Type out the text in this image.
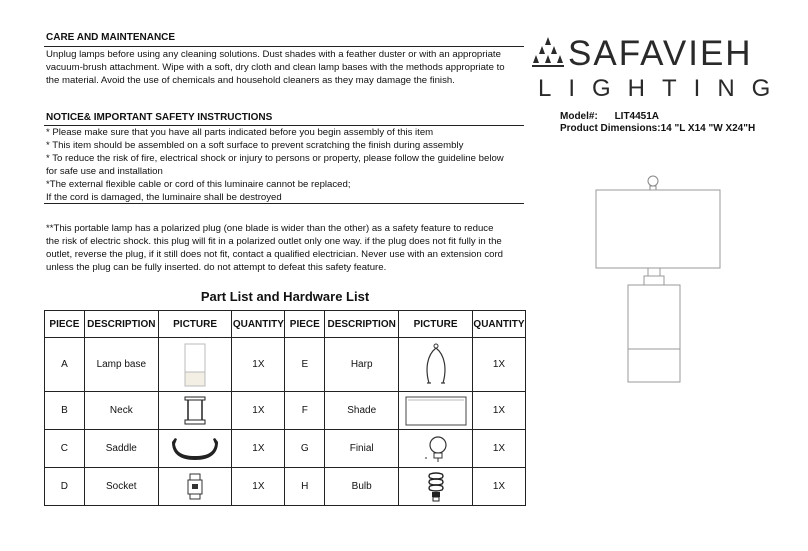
CARE AND MAINTENANCE

Unplug lamps before using any cleaning solutions. Dust shades with a feather duster or with an appropriate

vacuum-brush attachment. Wipe with a soft, dry cloth and clean lamp bases with the methods appropriate to

the material. Avoid the use of chemicals and household cleaners as they may damage the finish.

NOTICE& IMPORTANT SAFETY INSTRUCTIONS

* Please make sure that you have all parts indicated before you begin assembly of this item

* This item should be assembled on a soft surface to prevent scratching the finish during assembly

* To reduce the risk of fire, electrical shock or injury to persons or property, please follow the guideline below

for safe use and installation

*The external flexible cable or cord of this luminaire cannot be replaced;

If the cord is damaged, the luminaire shall be destroyed

**This portable lamp has a polarized plug (one blade is wider than the other) as a safety feature to reduce

the risk of electric shock. this plug will fit in a polarized outlet only one way. if the plug does not fit fully in the

outlet, reverse the plug, if it still does not fit, contact a qualified electrician. Never use with an extension cord

unless the plug can be fully inserted. do not attempt to defeat this safety feature.

SAFAVIEH
LIGHTING
Model#: LIT4451A
Product Dimensions:14 "L X14 "W X24"H
Part List and Hardware List
PIECE	DESCRIPTION	PICTURE	QUANTITY	PIECE	DESCRIPTION	PICTURE	QUANTITY
A	Lamp base		1X	E	Harp		1X
B	Neck		1X	F	Shade		1X
C	Saddle		1X	G	Finial		1X
D	Socket		1X	H	Bulb		1X
